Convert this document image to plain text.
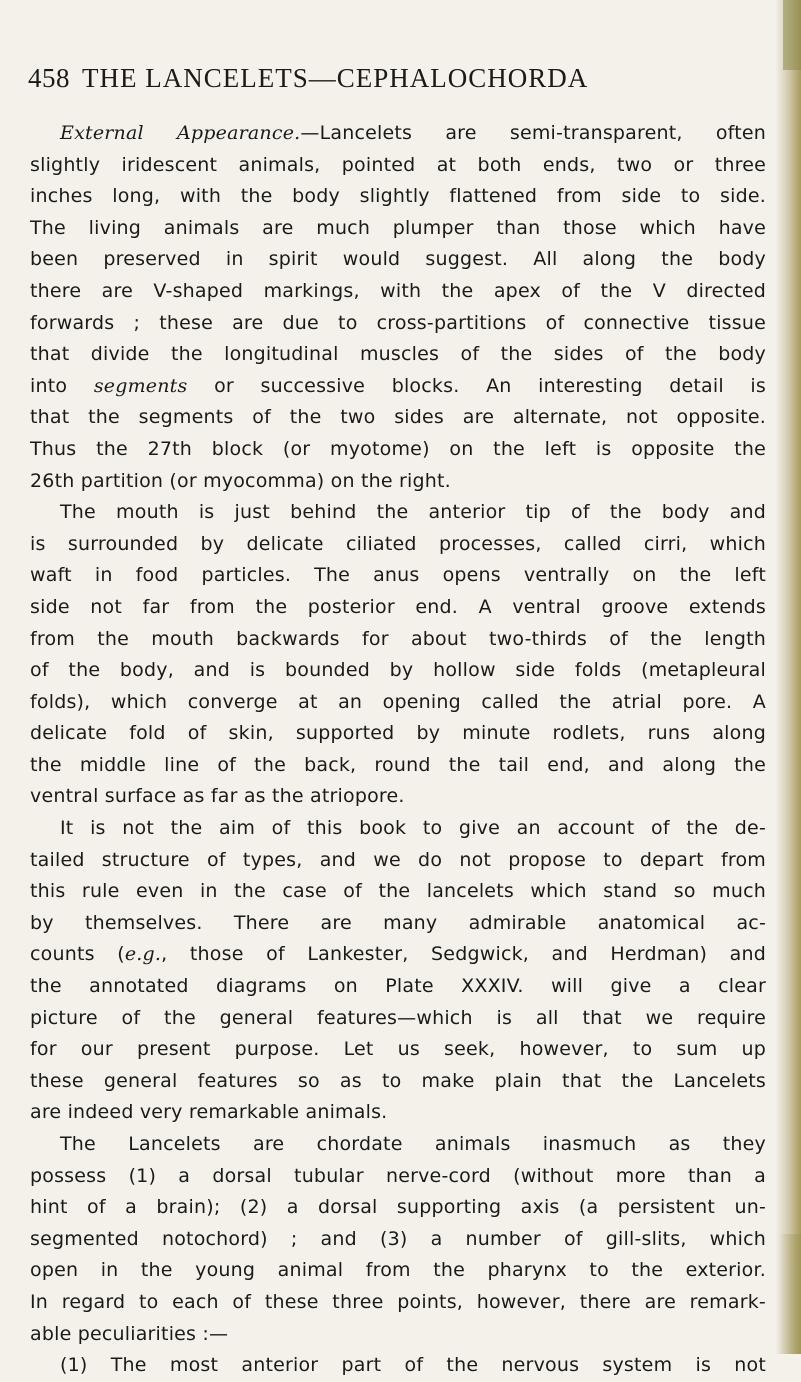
458 THE LANCELETS—CEPHALOCHORDA
External Appearance.—Lancelets are semi-transparent, often
slightly iridescent animals, pointed at both ends, two or three
inches long, with the body slightly flattened from side to side.
The living animals are much plumper than those which have
been preserved in spirit would suggest. All along the body
there are V-shaped markings, with the apex of the V directed
forwards ; these are due to cross-partitions of connective tissue
that divide the longitudinal muscles of the sides of the body
into segments or successive blocks. An interesting detail is
that the segments of the two sides are alternate, not opposite.
Thus the 27th block (or myotome) on the left is opposite the
26th partition (or myocomma) on the right.
The mouth is just behind the anterior tip of the body and
is surrounded by delicate ciliated processes, called cirri, which
waft in food particles. The anus opens ventrally on the left
side not far from the posterior end. A ventral groove extends
from the mouth backwards for about two-thirds of the length
of the body, and is bounded by hollow side folds (metapleural
folds), which converge at an opening called the atrial pore. A
delicate fold of skin, supported by minute rodlets, runs along
the middle line of the back, round the tail end, and along the
ventral surface as far as the atriopore.
It is not the aim of this book to give an account of the de-
tailed structure of types, and we do not propose to depart from
this rule even in the case of the lancelets which stand so much
by themselves. There are many admirable anatomical ac-
counts (e.g., those of Lankester, Sedgwick, and Herdman) and
the annotated diagrams on Plate XXXIV. will give a clear
picture of the general features—which is all that we require
for our present purpose. Let us seek, however, to sum up
these general features so as to make plain that the Lancelets
are indeed very remarkable animals.
The Lancelets are chordate animals inasmuch as they
possess (1) a dorsal tubular nerve-cord (without more than a
hint of a brain); (2) a dorsal supporting axis (a persistent un-
segmented notochord) ; and (3) a number of gill-slits, which
open in the young animal from the pharynx to the exterior.
In regard to each of these three points, however, there are remark-
able peculiarities :—
(1) The most anterior part of the nervous system is not
